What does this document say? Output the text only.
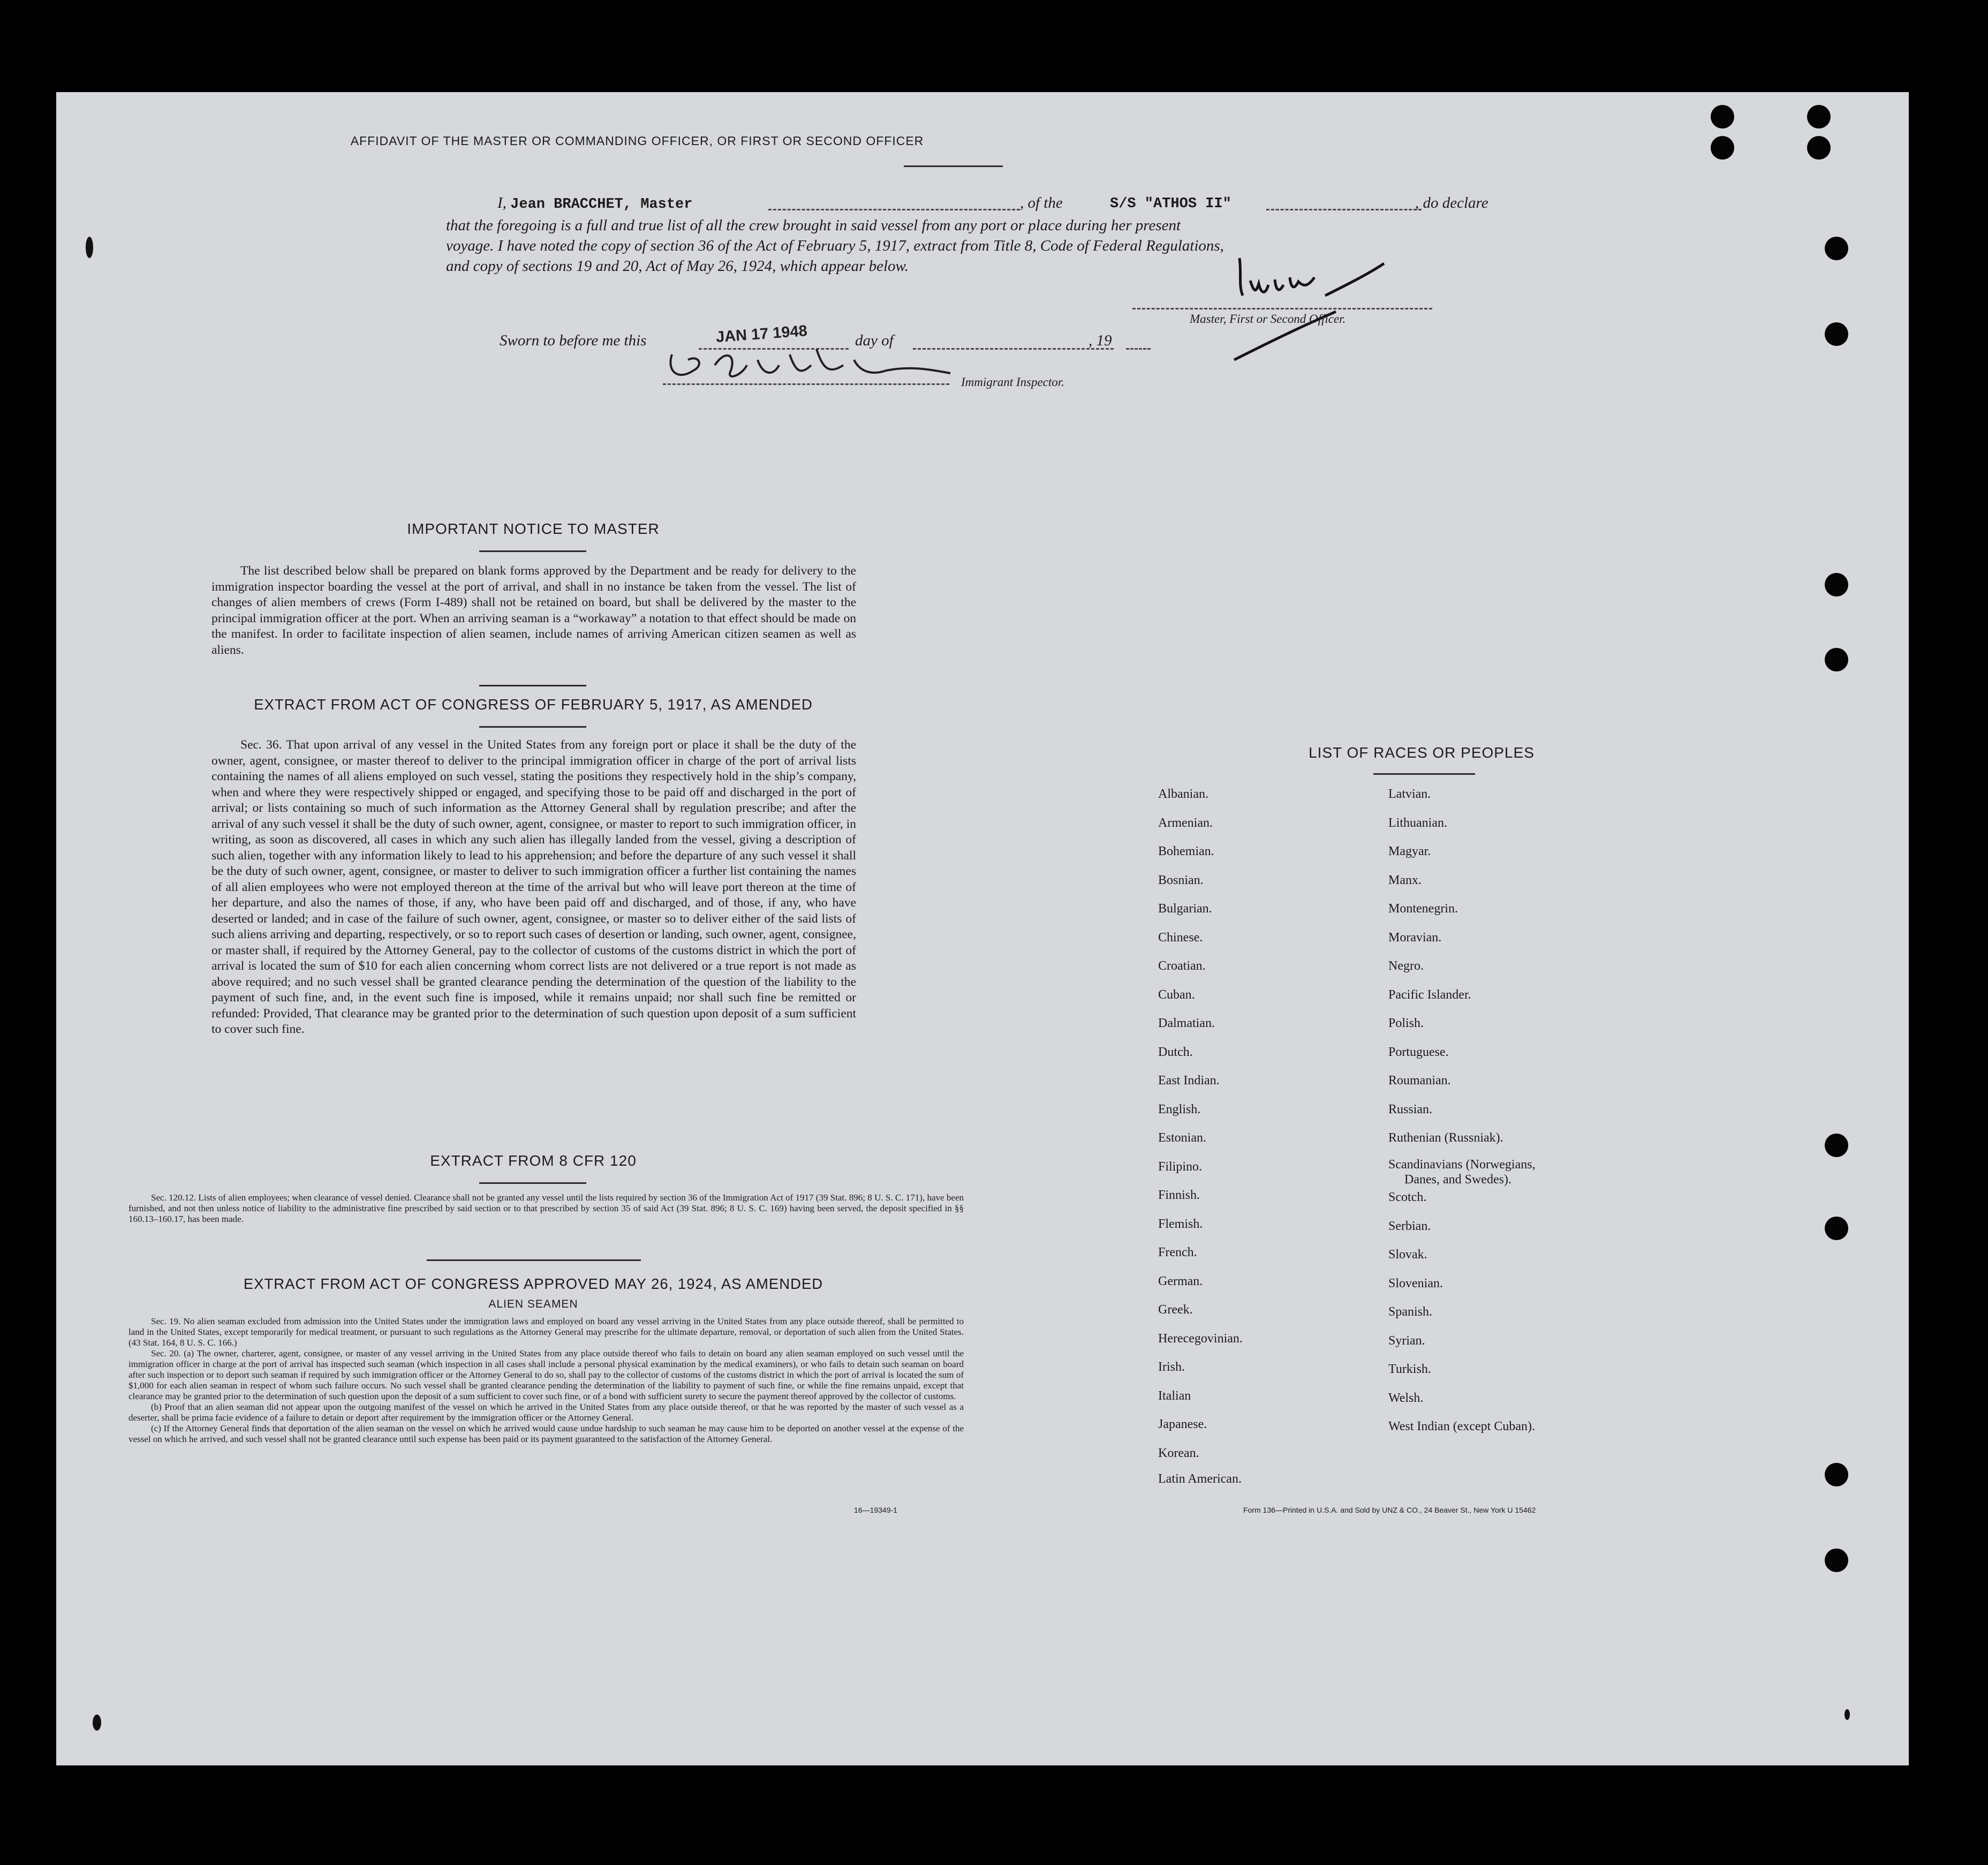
AFFIDAVIT OF THE MASTER OR COMMANDING OFFICER, OR FIRST OR SECOND OFFICER
I, Jean BRACCHET, Master	, of the	S/S "ATHOS II"	, do declare
that the foregoing is a full and true list of all the crew brought in said vessel from any port or place during her present
voyage. I have noted the copy of section 36 of the Act of February 5, 1917, extract from Title 8, Code of Federal Regulations,
and copy of sections 19 and 20, Act of May 26, 1924, which appear below.
Master, First or Second Officer.
Sworn to before me this	JAN 17 1948	day of	, 19
Immigrant Inspector.
IMPORTANT NOTICE TO MASTER

The list described below shall be prepared on blank forms approved by the Department and be ready for delivery to the immigration inspector boarding the vessel at the port of arrival, and shall in no instance be taken from the vessel. The list of changes of alien members of crews (Form I-489) shall not be retained on board, but shall be delivered by the master to the principal immigration officer at the port. When an arriving seaman is a “workaway” a notation to that effect should be made on the manifest. In order to facilitate inspection of alien seamen, include names of arriving American citizen seamen as well as aliens.

EXTRACT FROM ACT OF CONGRESS OF FEBRUARY 5, 1917, AS AMENDED

Sec. 36. That upon arrival of any vessel in the United States from any foreign port or place it shall be the duty of the owner, agent, consignee, or master thereof to deliver to the principal immigration officer in charge of the port of arrival lists containing the names of all aliens employed on such vessel, stating the positions they respectively hold in the ship’s company, when and where they were respectively shipped or engaged, and specifying those to be paid off and discharged in the port of arrival; or lists containing so much of such information as the Attorney General shall by regulation prescribe; and after the arrival of any such vessel it shall be the duty of such owner, agent, consignee, or master to report to such immigration officer, in writing, as soon as discovered, all cases in which any such alien has illegally landed from the vessel, giving a description of such alien, together with any information likely to lead to his apprehension; and before the departure of any such vessel it shall be the duty of such owner, agent, consignee, or master to deliver to such immigration officer a further list containing the names of all alien employees who were not employed thereon at the time of the arrival but who will leave port thereon at the time of her departure, and also the names of those, if any, who have been paid off and discharged, and of those, if any, who have deserted or landed; and in case of the failure of such owner, agent, consignee, or master so to deliver either of the said lists of such aliens arriving and departing, respectively, or so to report such cases of desertion or landing, such owner, agent, consignee, or master shall, if required by the Attorney General, pay to the collector of customs of the customs district in which the port of arrival is located the sum of $10 for each alien concerning whom correct lists are not delivered or a true report is not made as above required; and no such vessel shall be granted clearance pending the determination of the question of the liability to the payment of such fine, and, in the event such fine is imposed, while it remains unpaid; nor shall such fine be remitted or refunded: Provided, That clearance may be granted prior to the determination of such question upon deposit of a sum sufficient to cover such fine.

EXTRACT FROM 8 CFR 120

Sec. 120.12. Lists of alien employees; when clearance of vessel denied. Clearance shall not be granted any vessel until the lists required by section 36 of the Immigration Act of 1917 (39 Stat. 896; 8 U. S. C. 171), have been furnished, and not then unless notice of liability to the administrative fine prescribed by said section or to that prescribed by section 35 of said Act (39 Stat. 896; 8 U. S. C. 169) having been served, the deposit specified in §§ 160.13–160.17, has been made.

EXTRACT FROM ACT OF CONGRESS APPROVED MAY 26, 1924, AS AMENDED
ALIEN SEAMEN

Sec. 19. No alien seaman excluded from admission into the United States under the immigration laws and employed on board any vessel arriving in the United States from any place outside thereof, shall be permitted to land in the United States, except temporarily for medical treatment, or pursuant to such regulations as the Attorney General may prescribe for the ultimate departure, removal, or deportation of such alien from the United States. (43 Stat. 164, 8 U. S. C. 166.)

Sec. 20. (a) The owner, charterer, agent, consignee, or master of any vessel arriving in the United States from any place outside thereof who fails to detain on board any alien seaman employed on such vessel until the immigration officer in charge at the port of arrival has inspected such seaman (which inspection in all cases shall include a personal physical examination by the medical examiners), or who fails to detain such seaman on board after such inspection or to deport such seaman if required by such immigration officer or the Attorney General to do so, shall pay to the collector of customs of the customs district in which the port of arrival is located the sum of $1,000 for each alien seaman in respect of whom such failure occurs. No such vessel shall be granted clearance pending the determination of the liability to payment of such fine, or while the fine remains unpaid, except that clearance may be granted prior to the determination of such question upon the deposit of a sum sufficient to cover such fine, or of a bond with sufficient surety to secure the payment thereof approved by the collector of customs.

(b) Proof that an alien seaman did not appear upon the outgoing manifest of the vessel on which he arrived in the United States from any place outside thereof, or that he was reported by the master of such vessel as a deserter, shall be prima facie evidence of a failure to detain or deport after requirement by the immigration officer or the Attorney General.

(c) If the Attorney General finds that deportation of the alien seaman on the vessel on which he arrived would cause undue hardship to such seaman he may cause him to be deported on another vessel at the expense of the vessel on which he arrived, and such vessel shall not be granted clearance until such expense has been paid or its payment guaranteed to the satisfaction of the Attorney General.

16—19349-1
LIST OF RACES OR PEOPLES
Albanian.
Armenian.
Bohemian.
Bosnian.
Bulgarian.
Chinese.
Croatian.
Cuban.
Dalmatian.
Dutch.
East Indian.
English.
Estonian.
Filipino.
Finnish.
Flemish.
French.
German.
Greek.
Herecegovinian.
Irish.
Italian
Japanese.
Korean.
Latin American.
Latvian.
Lithuanian.
Magyar.
Manx.
Montenegrin.
Moravian.
Negro.
Pacific Islander.
Polish.
Portuguese.
Roumanian.
Russian.
Ruthenian (Russniak).
Scandinavians (Norwegians,
Danes, and Swedes).
Scotch.
Serbian.
Slovak.
Slovenian.
Spanish.
Syrian.
Turkish.
Welsh.
West Indian (except Cuban).
Form 136—Printed in U.S.A. and Sold by UNZ & CO., 24 Beaver St., New York U 15462
